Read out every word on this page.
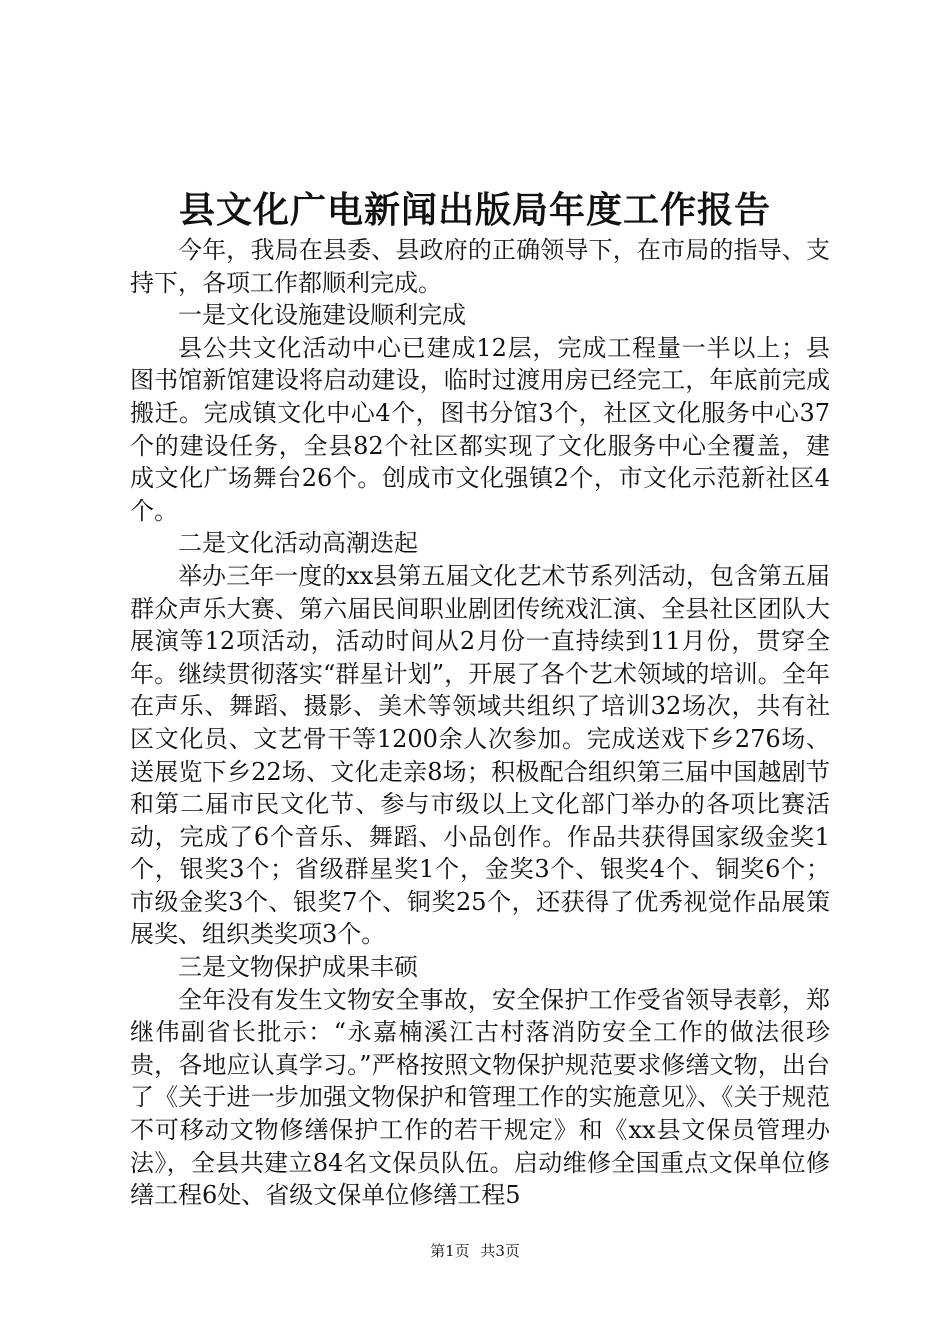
县文化广电新闻出版局年度工作报告

今年，我局在县委、县政府的正确领导下，在市局的指导、支持下，各项工作都顺利完成。

一是文化设施建设顺利完成

县公共文化活动中心已建成12层，完成工程量一半以上；县图书馆新馆建设将启动建设，临时过渡用房已经完工，年底前完成搬迁。完成镇文化中心4个，图书分馆3个，社区文化服务中心37个的建设任务，全县82个社区都实现了文化服务中心全覆盖，建成文化广场舞台26个。创成市文化强镇2个，市文化示范新社区4个。

二是文化活动高潮迭起

举办三年一度的xx县第五届文化艺术节系列活动，包含第五届群众声乐大赛、第六届民间职业剧团传统戏汇演、全县社区团队大展演等12项活动，活动时间从2月份一直持续到11月份，贯穿全年。继续贯彻落实“群星计划”，开展了各个艺术领域的培训。全年在声乐、舞蹈、摄影、美术等领域共组织了培训32场次，共有社区文化员、文艺骨干等1200余人次参加。完成送戏下乡276场、送展览下乡22场、文化走亲8场；积极配合组织第三届中国越剧节和第二届市民文化节、参与市级以上文化部门举办的各项比赛活动，完成了6个音乐、舞蹈、小品创作。作品共获得国家级金奖1个，银奖3个；省级群星奖1个，金奖3个、银奖4个、铜奖6个；市级金奖3个、银奖7个、铜奖25个，还获得了优秀视觉作品展策展奖、组织类奖项3个。

三是文物保护成果丰硕

全年没有发生文物安全事故，安全保护工作受省领导表彰，郑继伟副省长批示：“永嘉楠溪江古村落消防安全工作的做法很珍贵，各地应认真学习。”严格按照文物保护规范要求修缮文物，出台了《关于进一步加强文物保护和管理工作的实施意见》、《关于规范不可移动文物修缮保护工作的若干规定》和《xx县文保员管理办法》，全县共建立84名文保员队伍。启动维修全国重点文保单位修缮工程6处、省级文保单位修缮工程5

第1页 共3页
